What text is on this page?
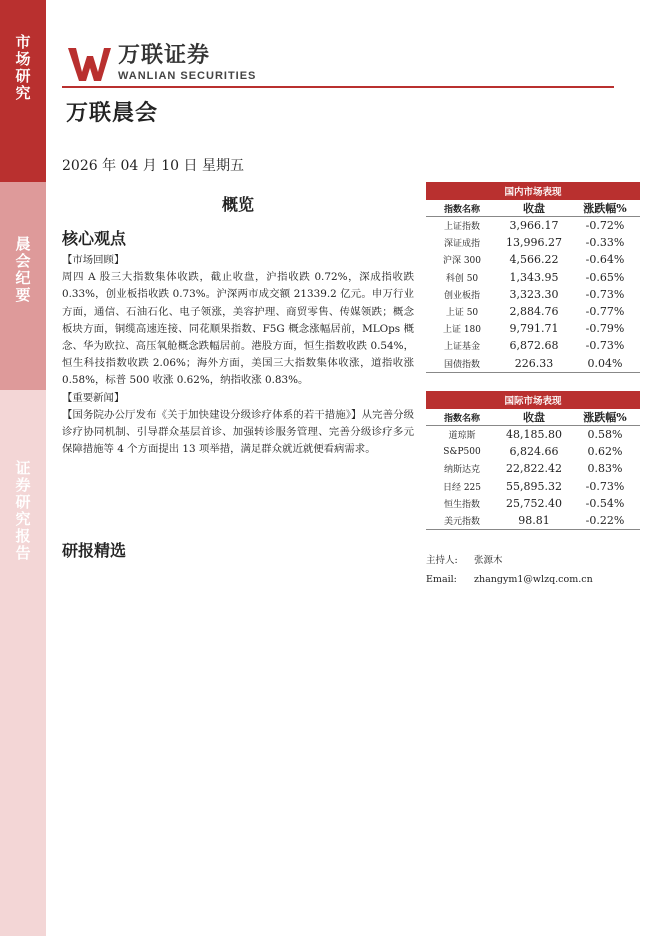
市场研究
晨会纪要
证券研究报告
万联证券
WANLIAN SECURITIES
万联晨会
2026 年 04 月 10 日 星期五
概览
核心观点

【市场回顾】

周四 A 股三大指数集体收跌，截止收盘，沪指收跌 0.72%，深成指收跌 0.33%，创业板指收跌 0.73%。沪深两市成交额 21339.2 亿元。申万行业方面，通信、石油石化、电子领涨，美容护理、商贸零售、传媒领跌；概念板块方面，铜缆高速连接、同花顺果指数、F5G 概念涨幅居前，MLOps 概念、华为欧拉、高压氧舱概念跌幅居前。港股方面，恒生指数收跌 0.54%，恒生科技指数收跌 2.06%；海外方面，美国三大指数集体收涨，道指收涨 0.58%，标普 500 收涨 0.62%，纳指收涨 0.83%。

【重要新闻】

【国务院办公厅发布《关于加快建设分级诊疗体系的若干措施》】从完善分级诊疗协同机制、引导群众基层首诊、加强转诊服务管理、完善分级诊疗多元保障措施等 4 个方面提出 13 项举措，满足群众就近就便看病需求。

研报精选
国内市场表现		
指数名称	收盘	涨跌幅%
上证指数	3,966.17	-0.72%
深证成指	13,996.27	-0.33%
沪深 300	4,566.22	-0.64%
科创 50	1,343.95	-0.65%
创业板指	3,323.30	-0.73%
上证 50	2,884.76	-0.77%
上证 180	9,791.71	-0.79%
上证基金	6,872.68	-0.73%
国债指数	226.33	0.04%
国际市场表现		
指数名称	收盘	涨跌幅%
道琼斯	48,185.80	0.58%
S&P500	6,824.66	0.62%
纳斯达克	22,822.42	0.83%
日经 225	55,895.32	-0.73%
恒生指数	25,752.40	-0.54%
美元指数	98.81	-0.22%
主持人: 张源木
Email: zhangym1@wlzq.com.cn
